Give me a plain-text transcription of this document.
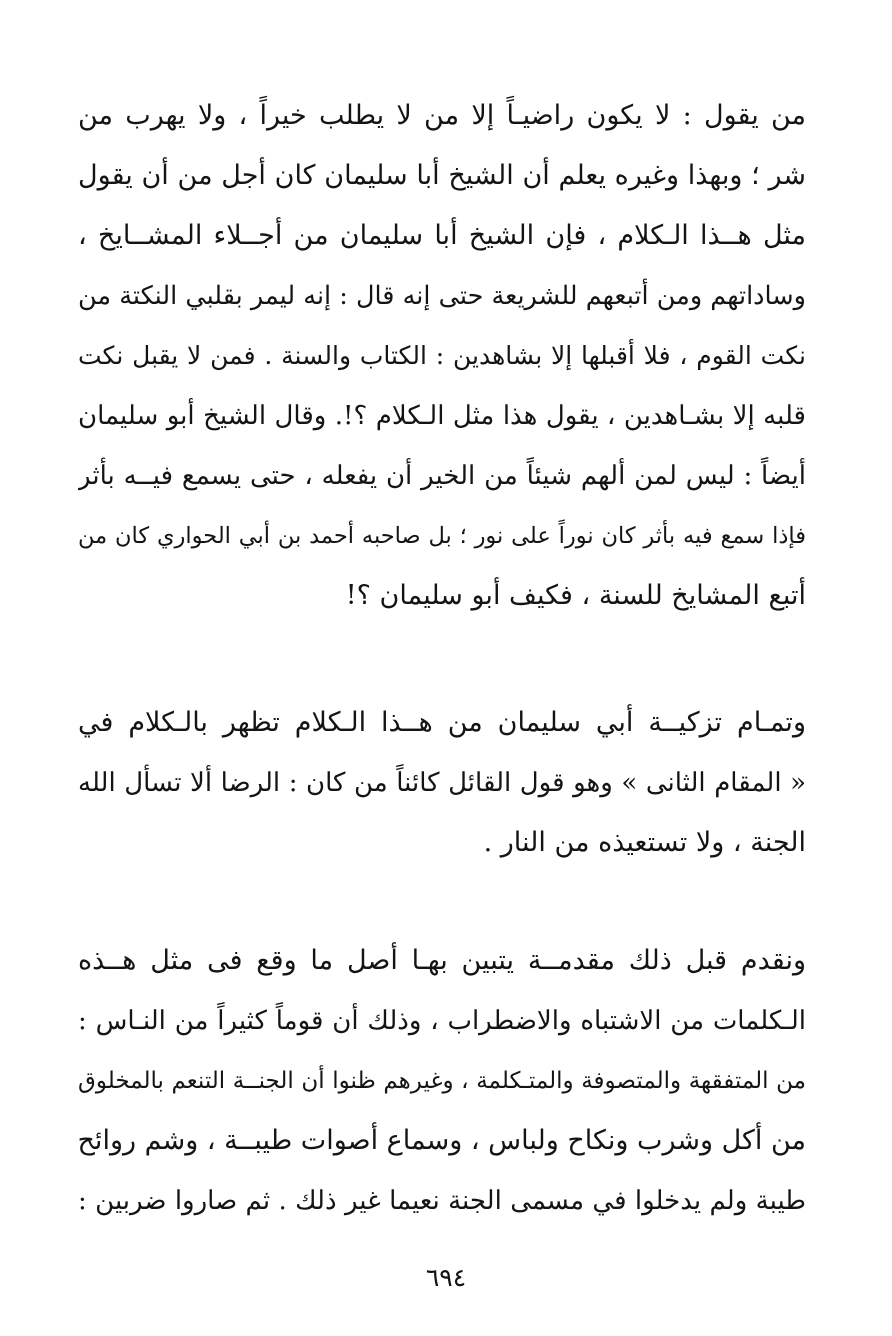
من يقول : لا يكون راضيـاً إلا من لا يطلب خيراً ، ولا يهرب من
شر ؛ وبهذا وغيره يعلم أن الشيخ أبا سليمان كان أجل من أن يقول
مثل هــذا الـكلام ، فإن الشيخ أبا سليمان من أجــلاء المشــايخ ،
وساداتهم ومن أتبعهم للشريعة حتى إنه قال : إنه ليمر بقلبي النكتة من
نكت القوم ، فلا أقبلها إلا بشاهدين : الكتاب والسنة . فمن لا يقبل نكت
قلبه إلا بشـاهدين ، يقول هذا مثل الـكلام ؟!. وقال الشيخ أبو سليمان
أيضاً : ليس لمن ألهم شيئاً من الخير أن يفعله ، حتى يسمع فيــه بأثر
فإذا سمع فيه بأثر كان نوراً على نور ؛ بل صاحبه أحمد بن أبي الحواري كان من
أتبع المشايخ للسنة ، فكيف أبو سليمان ؟!
وتمـام تزكيــة أبي سليمان من هــذا الـكلام تظهر بالـكلام في
« المقام الثانى » وهو قول القائل كائناً من كان : الرضا ألا تسأل الله
الجنة ، ولا تستعيذه من النار .
ونقدم قبل ذلك مقدمــة يتبين بهـا أصل ما وقع فى مثل هــذه
الـكلمات من الاشتباه والاضطراب ، وذلك أن قوماً كثيراً من النـاس :
من المتفقهة والمتصوفة والمتـكلمة ، وغيرهم ظنوا أن الجنــة التنعم بالمخلوق
من أكل وشرب ونكاح ولباس ، وسماع أصوات طيبــة ، وشم روائح
طيبة ولم يدخلوا في مسمى الجنة نعيما غير ذلك . ثم صاروا ضربين :
٦٩٤
